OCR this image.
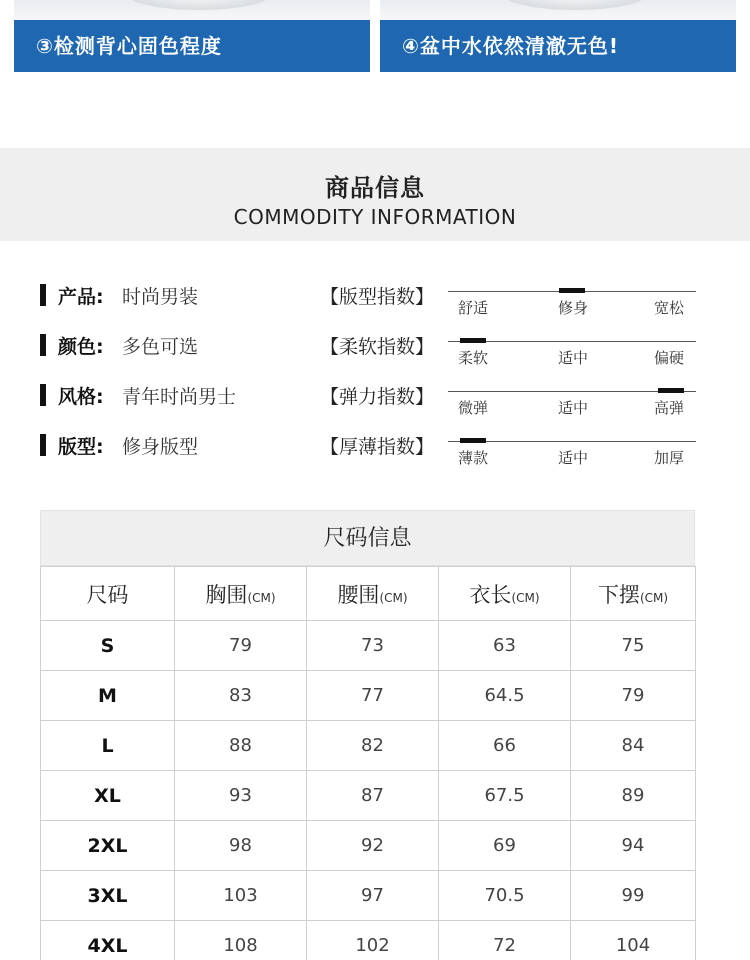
③检测背心固色程度	④盆中水依然清澈无色!
商品信息
COMMODITY INFORMATION
产品: 时尚男装	【版型指数】 舒适	修身	宽松
颜色: 多色可选	【柔软指数】 柔软	适中	偏硬
风格: 青年时尚男士	【弹力指数】 微弹	适中	高弹
版型: 修身版型	【厚薄指数】 薄款	适中	加厚
尺码信息
尺码	胸围(CM)	腰围(CM)	衣长(CM)	下摆(CM)
S	79	73	63	75
M	83	77	64.5	79
L	88	82	66	84
XL	93	87	67.5	89
2XL	98	92	69	94
3XL	103	97	70.5	99
4XL	108	102	72	104
